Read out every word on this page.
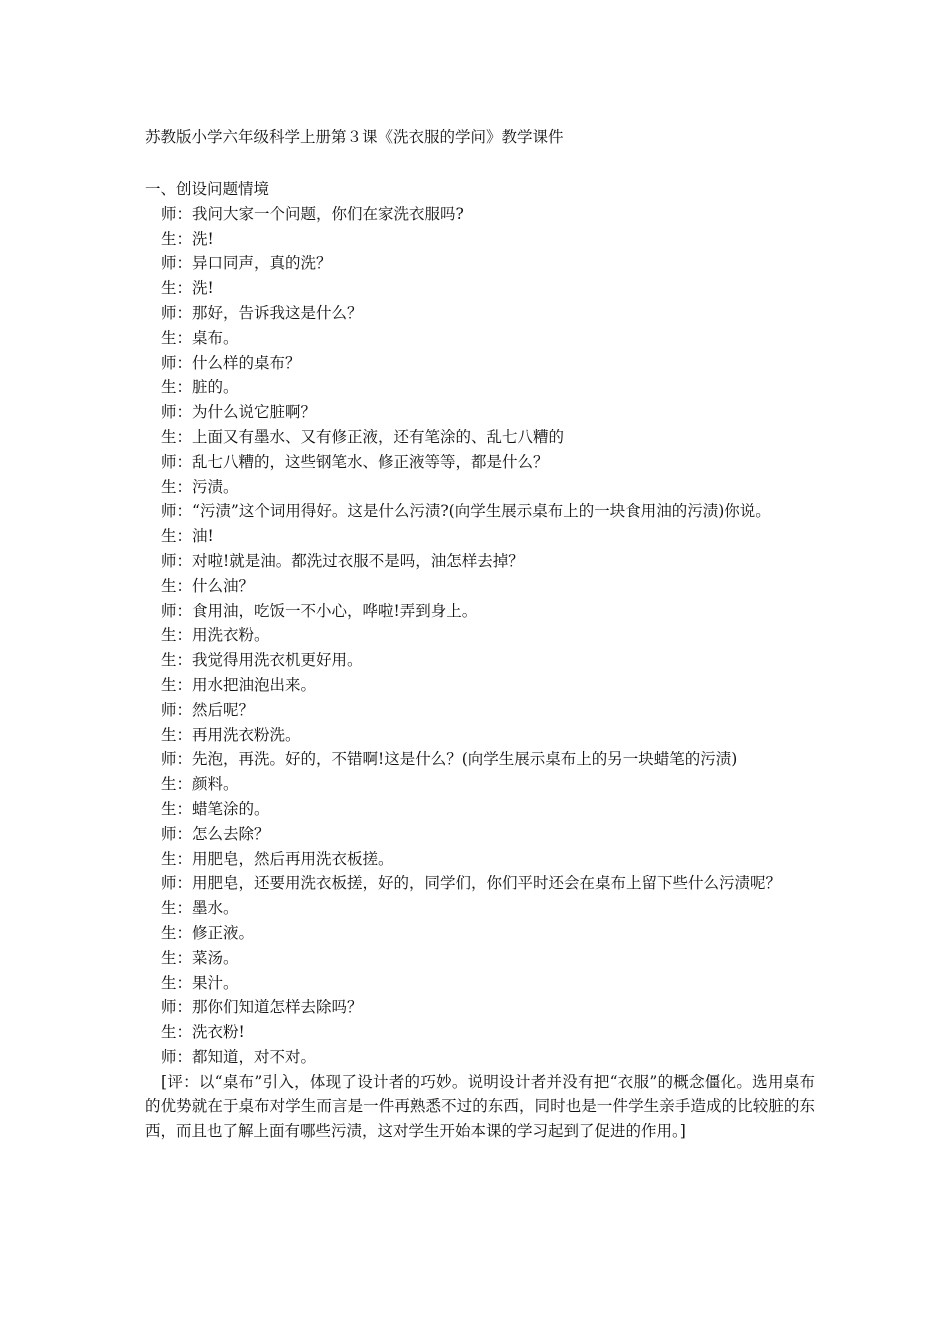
苏教版小学六年级科学上册第３课《洗衣服的学问》教学课件

一、创设问题情境

师：我问大家一个问题，你们在家洗衣服吗?

生：洗!

师：异口同声，真的洗？

生：洗!

师：那好，告诉我这是什么？

生：桌布。

师：什么样的桌布？

生：脏的。

师：为什么说它脏啊？

生：上面又有墨水、又有修正液，还有笔涂的、乱七八糟的

师：乱七八糟的，这些钢笔水、修正液等等，都是什么？

生：污渍。

师：“污渍”这个词用得好。这是什么污渍?(向学生展示桌布上的一块食用油的污渍)你说。

生：油!

师：对啦!就是油。都洗过衣服不是吗，油怎样去掉？

生：什么油？

师：食用油，吃饭一不小心，哗啦!弄到身上。

生：用洗衣粉。

生：我觉得用洗衣机更好用。

生：用水把油泡出来。

师：然后呢？

生：再用洗衣粉洗。

师：先泡，再洗。好的，不错啊!这是什么？(向学生展示桌布上的另一块蜡笔的污渍)

生：颜料。

生：蜡笔涂的。

师：怎么去除？

生：用肥皂，然后再用洗衣板搓。

师：用肥皂，还要用洗衣板搓，好的，同学们，你们平时还会在桌布上留下些什么污渍呢？

生：墨水。

生：修正液。

生：菜汤。

生：果汁。

师：那你们知道怎样去除吗？

生：洗衣粉!

师：都知道，对不对。

[评：以“桌布”引入，体现了设计者的巧妙。说明设计者并没有把“衣服”的概念僵化。选用桌布的优势就在于桌布对学生而言是一件再熟悉不过的东西，同时也是一件学生亲手造成的比较脏的东西，而且也了解上面有哪些污渍，这对学生开始本课的学习起到了促进的作用。]
